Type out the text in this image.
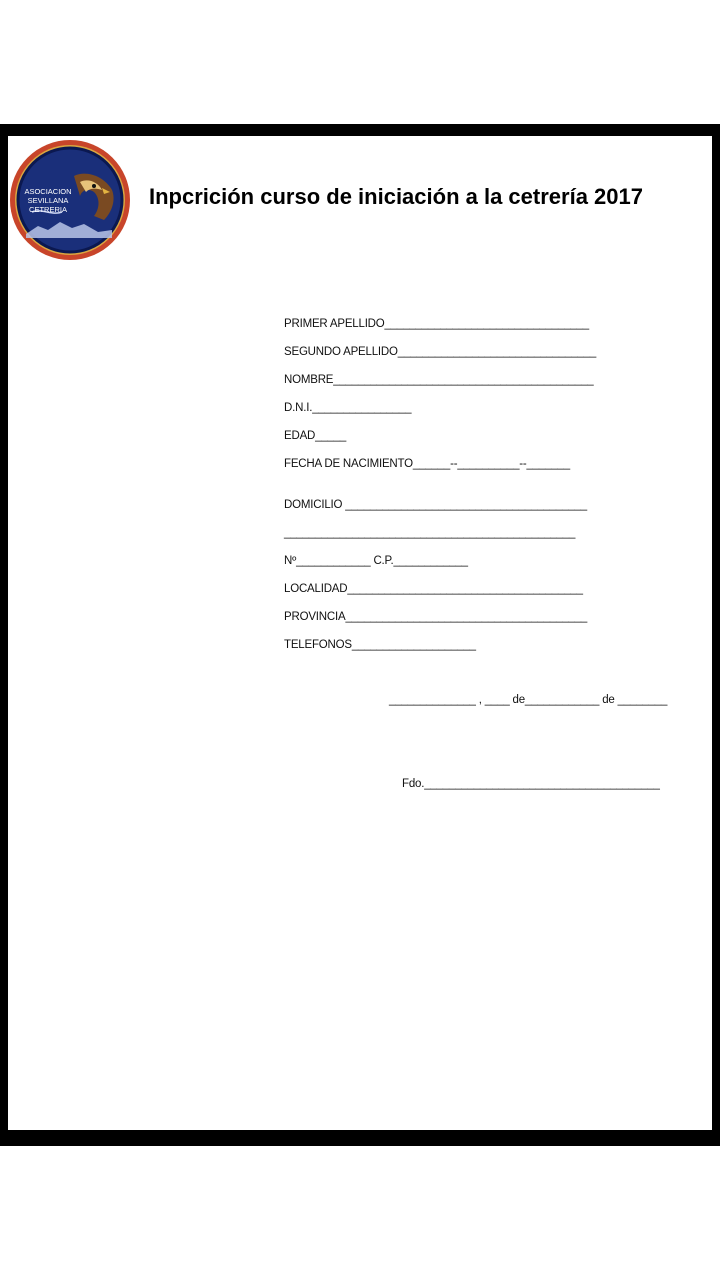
ASOCIACION
SEVILLANA
CETRERIA
Inpcrición curso de iniciación a la cetrería 2017
PRIMER APELLIDO_________________________________
SEGUNDO APELLIDO________________________________
NOMBRE__________________________________________
D.N.I.________________
EDAD_____
FECHA DE NACIMIENTO______--__________--_______
DOMICILIO _______________________________________
_______________________________________________
Nº____________ C.P.____________
LOCALIDAD______________________________________
PROVINCIA_______________________________________
TELEFONOS____________________
______________ , ____ de____________ de ________
Fdo.______________________________________
